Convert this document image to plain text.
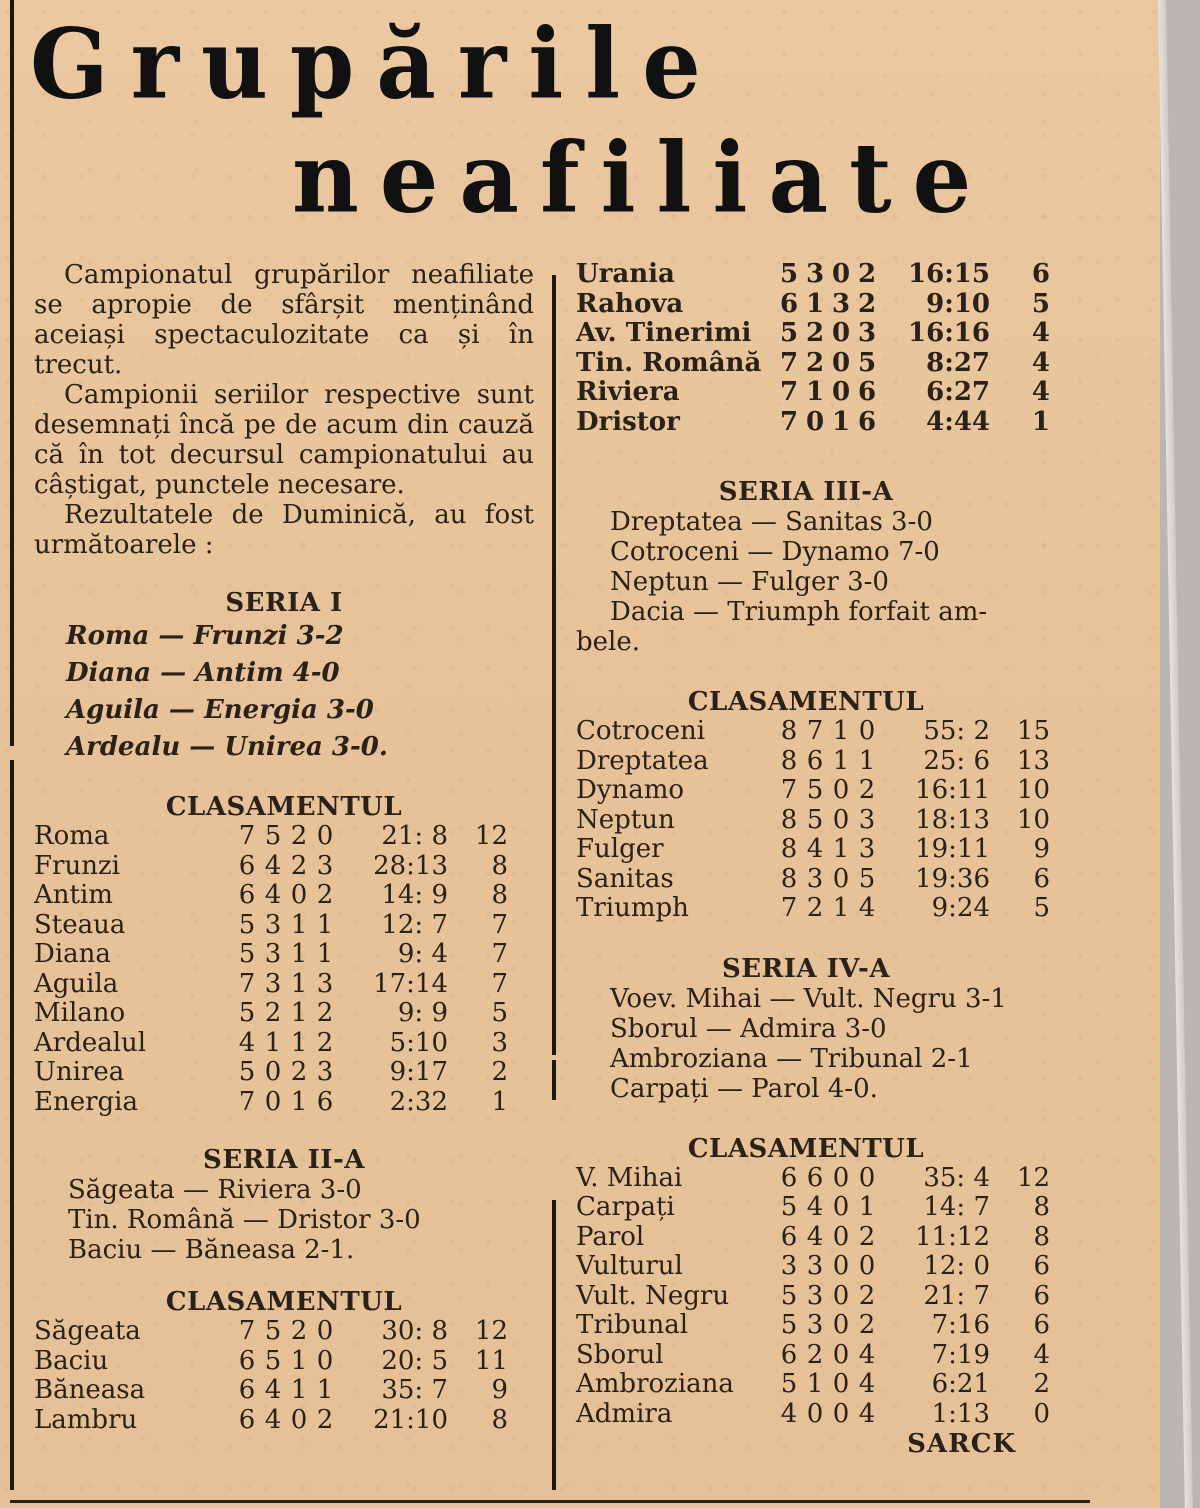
Grupările
neafiliate

Campionatul grupărilor neafiliate se apropie de sfârșit menținând aceiași spectaculozitate ca și în trecut.

Campionii seriilor respective sunt desemnați încă pe de acum din cauză că în tot decursul campionatului au câștigat, punctele necesare.

Rezultatele de Duminică, au fost următoarele :

SERIA I
Roma — Frunzi 3-2
Diana — Antim 4-0
Aguila — Energia 3-0
Ardealu — Unirea 3-0.
CLASAMENTUL
Roma	7	5	2	0	21: 8	12
Frunzi	6	4	2	3	28:13	8
Antim	6	4	0	2	14: 9	8
Steaua	5	3	1	1	12: 7	7
Diana	5	3	1	1	9: 4	7
Aguila	7	3	1	3	17:14	7
Milano	5	2	1	2	9: 9	5
Ardealul	4	1	1	2	5:10	3
Unirea	5	0	2	3	9:17	2
Energia	7	0	1	6	2:32	1
SERIA II-A
Săgeata — Riviera 3-0
Tin. Română — Dristor 3-0
Baciu — Băneasa 2-1.
CLASAMENTUL
Săgeata	7	5	2	0	30: 8	12
Baciu	6	5	1	0	20: 5	11
Băneasa	6	4	1	1	35: 7	9
Lambru	6	4	0	2	21:10	8
Urania	5	3	0	2	16:15	6
Rahova	6	1	3	2	9:10	5
Av. Tinerimi	5	2	0	3	16:16	4
Tin. Română	7	2	0	5	8:27	4
Riviera	7	1	0	6	6:27	4
Dristor	7	0	1	6	4:44	1
SERIA III-A
Dreptatea — Sanitas 3-0
Cotroceni — Dynamo 7-0
Neptun — Fulger 3-0
Dacia — Triumph forfait am-
bele.
CLASAMENTUL
Cotroceni	8	7	1	0	55: 2	15
Dreptatea	8	6	1	1	25: 6	13
Dynamo	7	5	0	2	16:11	10
Neptun	8	5	0	3	18:13	10
Fulger	8	4	1	3	19:11	9
Sanitas	8	3	0	5	19:36	6
Triumph	7	2	1	4	9:24	5
SERIA IV-A
Voev. Mihai — Vult. Negru 3-1
Sborul — Admira 3-0
Ambroziana — Tribunal 2-1
Carpați — Parol 4-0.
CLASAMENTUL
V. Mihai	6	6	0	0	35: 4	12
Carpați	5	4	0	1	14: 7	8
Parol	6	4	0	2	11:12	8
Vulturul	3	3	0	0	12: 0	6
Vult. Negru	5	3	0	2	21: 7	6
Tribunal	5	3	0	2	7:16	6
Sborul	6	2	0	4	7:19	4
Ambroziana	5	1	0	4	6:21	2
Admira	4	0	0	4	1:13	0
SARCK
